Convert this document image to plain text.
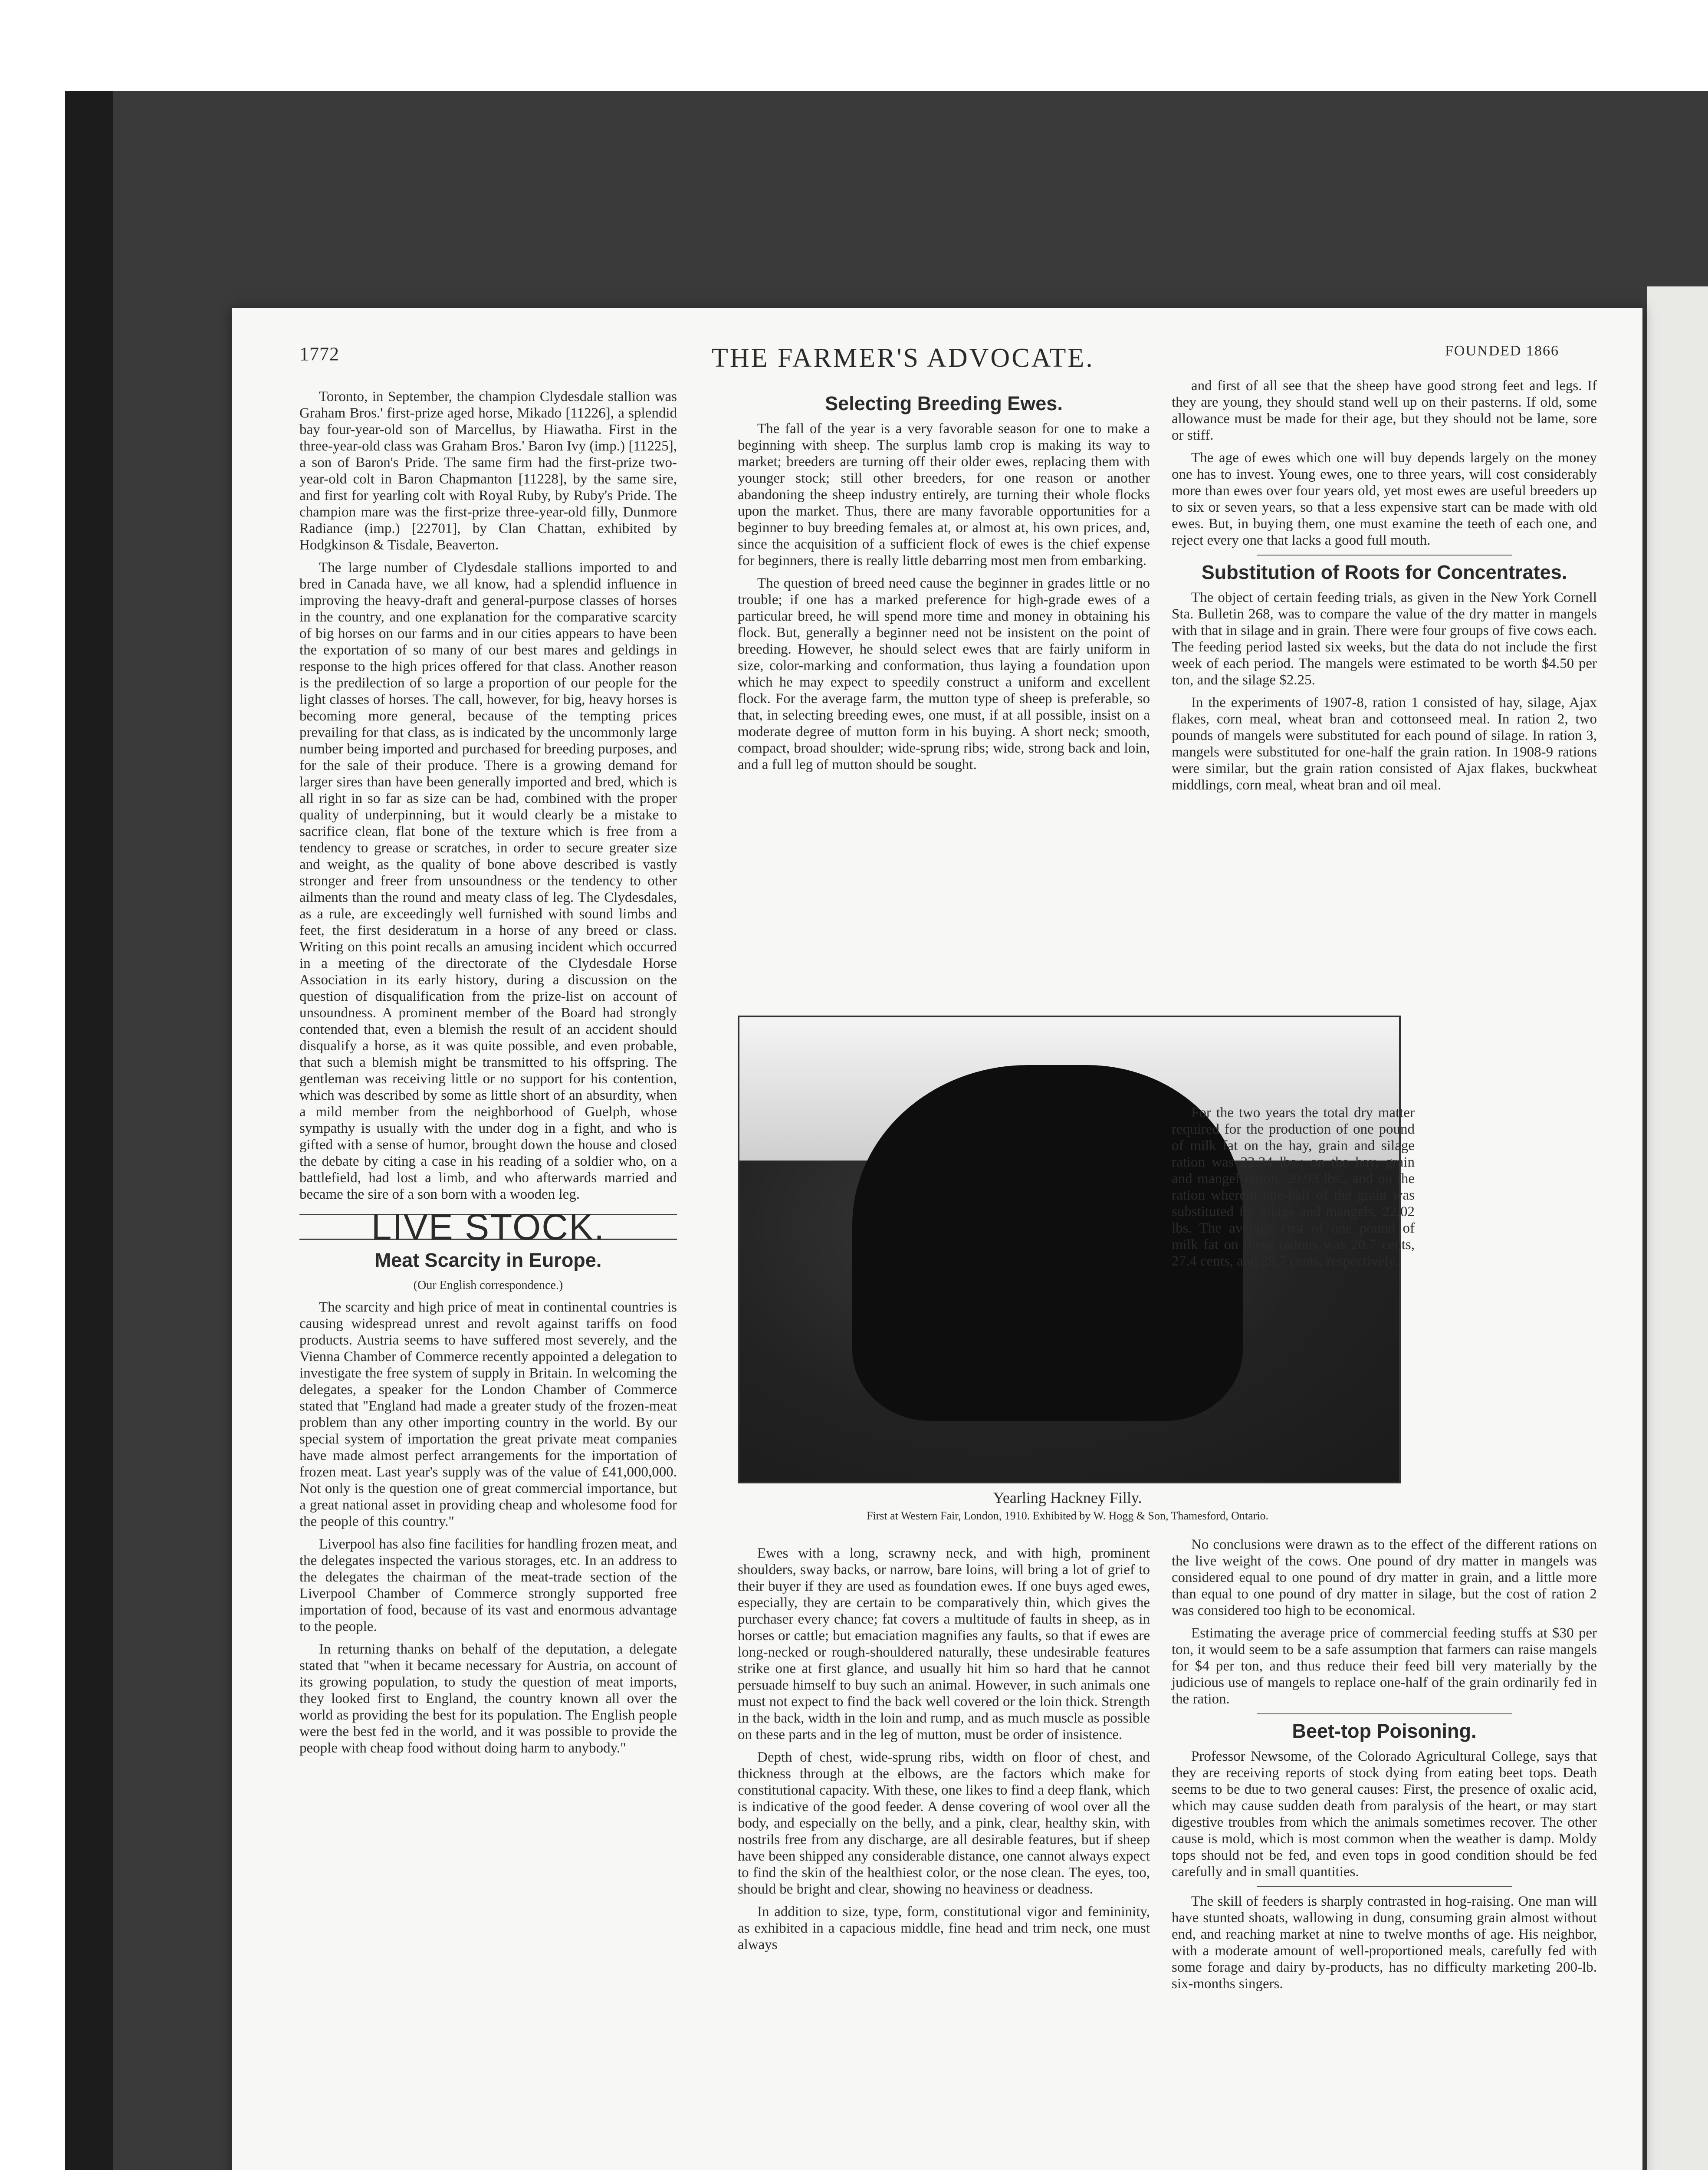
1772	THE FARMER'S ADVOCATE.	FOUNDED 1866

Toronto, in September, the champion Clydesdale stallion was Graham Bros.' first-prize aged horse, Mikado [11226], a splendid bay four-year-old son of Marcellus, by Hiawatha. First in the three-year-old class was Graham Bros.' Baron Ivy (imp.) [11225], a son of Baron's Pride. The same firm had the first-prize two-year-old colt in Baron Chapmanton [11228], by the same sire, and first for yearling colt with Royal Ruby, by Ruby's Pride. The champion mare was the first-prize three-year-old filly, Dunmore Radiance (imp.) [22701], by Clan Chattan, exhibited by Hodgkinson & Tisdale, Beaverton.

The large number of Clydesdale stallions imported to and bred in Canada have, we all know, had a splendid influence in improving the heavy-draft and general-purpose classes of horses in the country, and one explanation for the comparative scarcity of big horses on our farms and in our cities appears to have been the exportation of so many of our best mares and geldings in response to the high prices offered for that class. Another reason is the predilection of so large a proportion of our people for the light classes of horses. The call, however, for big, heavy horses is becoming more general, because of the tempting prices prevailing for that class, as is indicated by the uncommonly large number being imported and purchased for breeding purposes, and for the sale of their produce. There is a growing demand for larger sires than have been generally imported and bred, which is all right in so far as size can be had, combined with the proper quality of underpinning, but it would clearly be a mistake to sacrifice clean, flat bone of the texture which is free from a tendency to grease or scratches, in order to secure greater size and weight, as the quality of bone above described is vastly stronger and freer from unsoundness or the tendency to other ailments than the round and meaty class of leg. The Clydesdales, as a rule, are exceedingly well furnished with sound limbs and feet, the first desideratum in a horse of any breed or class. Writing on this point recalls an amusing incident which occurred in a meeting of the directorate of the Clydesdale Horse Association in its early history, during a discussion on the question of disqualification from the prize-list on account of unsoundness. A prominent member of the Board had strongly contended that, even a blemish the result of an accident should disqualify a horse, as it was quite possible, and even probable, that such a blemish might be transmitted to his offspring. The gentleman was receiving little or no support for his contention, which was described by some as little short of an absurdity, when a mild member from the neighborhood of Guelph, whose sympathy is usually with the under dog in a fight, and who is gifted with a sense of humor, brought down the house and closed the debate by citing a case in his reading of a soldier who, on a battlefield, had lost a limb, and who afterwards married and became the sire of a son born with a wooden leg.

LIVE STOCK.
Meat Scarcity in Europe.
(Our English correspondence.)

The scarcity and high price of meat in continental countries is causing widespread unrest and revolt against tariffs on food products. Austria seems to have suffered most severely, and the Vienna Chamber of Commerce recently appointed a delegation to investigate the free system of supply in Britain. In welcoming the delegates, a speaker for the London Chamber of Commerce stated that "England had made a greater study of the frozen-meat problem than any other importing country in the world. By our special system of importation the great private meat companies have made almost perfect arrangements for the importation of frozen meat. Last year's supply was of the value of £41,000,000. Not only is the question one of great commercial importance, but a great national asset in providing cheap and wholesome food for the people of this country."

Liverpool has also fine facilities for handling frozen meat, and the delegates inspected the various storages, etc. In an address to the delegates the chairman of the meat-trade section of the Liverpool Chamber of Commerce strongly supported free importation of food, because of its vast and enormous advantage to the people.

In returning thanks on behalf of the deputation, a delegate stated that "when it became necessary for Austria, on account of its growing population, to study the question of meat imports, they looked first to England, the country known all over the world as providing the best for its population. The English people were the best fed in the world, and it was possible to provide the people with cheap food without doing harm to anybody."

Selecting Breeding Ewes.

The fall of the year is a very favorable season for one to make a beginning with sheep. The surplus lamb crop is making its way to market; breeders are turning off their older ewes, replacing them with younger stock; still other breeders, for one reason or another abandoning the sheep industry entirely, are turning their whole flocks upon the market. Thus, there are many favorable opportunities for a beginner to buy breeding females at, or almost at, his own prices, and, since the acquisition of a sufficient flock of ewes is the chief expense for beginners, there is really little debarring most men from embarking.

The question of breed need cause the beginner in grades little or no trouble; if one has a marked preference for high-grade ewes of a particular breed, he will spend more time and money in obtaining his flock. But, generally a beginner need not be insistent on the point of breeding. However, he should select ewes that are fairly uniform in size, color-marking and conformation, thus laying a foundation upon which he may expect to speedily construct a uniform and excellent flock. For the average farm, the mutton type of sheep is preferable, so that, in selecting breeding ewes, one must, if at all possible, insist on a moderate degree of mutton form in his buying. A short neck; smooth, compact, broad shoulder; wide-sprung ribs; wide, strong back and loin, and a full leg of mutton should be sought.

Yearling Hackney Filly.
First at Western Fair, London, 1910. Exhibited by W. Hogg & Son, Thamesford, Ontario.

Ewes with a long, scrawny neck, and with high, prominent shoulders, sway backs, or narrow, bare loins, will bring a lot of grief to their buyer if they are used as foundation ewes. If one buys aged ewes, especially, they are certain to be comparatively thin, which gives the purchaser every chance; fat covers a multitude of faults in sheep, as in horses or cattle; but emaciation magnifies any faults, so that if ewes are long-necked or rough-shouldered naturally, these undesirable features strike one at first glance, and usually hit him so hard that he cannot persuade himself to buy such an animal. However, in such animals one must not expect to find the back well covered or the loin thick. Strength in the back, width in the loin and rump, and as much muscle as possible on these parts and in the leg of mutton, must be order of insistence.

Depth of chest, wide-sprung ribs, width on floor of chest, and thickness through at the elbows, are the factors which make for constitutional capacity. With these, one likes to find a deep flank, which is indicative of the good feeder. A dense covering of wool over all the body, and especially on the belly, and a pink, clear, healthy skin, with nostrils free from any discharge, are all desirable features, but if sheep have been shipped any considerable distance, one cannot always expect to find the skin of the healthiest color, or the nose clean. The eyes, too, should be bright and clear, showing no heaviness or deadness.

In addition to size, type, form, constitutional vigor and femininity, as exhibited in a capacious middle, fine head and trim neck, one must always

and first of all see that the sheep have good strong feet and legs. If they are young, they should stand well up on their pasterns. If old, some allowance must be made for their age, but they should not be lame, sore or stiff.

The age of ewes which one will buy depends largely on the money one has to invest. Young ewes, one to three years, will cost considerably more than ewes over four years old, yet most ewes are useful breeders up to six or seven years, so that a less expensive start can be made with old ewes. But, in buying them, one must examine the teeth of each one, and reject every one that lacks a good full mouth.

Substitution of Roots for Concentrates.

The object of certain feeding trials, as given in the New York Cornell Sta. Bulletin 268, was to compare the value of the dry matter in mangels with that in silage and in grain. There were four groups of five cows each. The feeding period lasted six weeks, but the data do not include the first week of each period. The mangels were estimated to be worth $4.50 per ton, and the silage $2.25.

In the experiments of 1907-8, ration 1 consisted of hay, silage, Ajax flakes, corn meal, wheat bran and cottonseed meal. In ration 2, two pounds of mangels were substituted for each pound of silage. In ration 3, mangels were substituted for one-half the grain ration. In 1908-9 rations were similar, but the grain ration consisted of Ajax flakes, buckwheat middlings, corn meal, wheat bran and oil meal.

For the two years the total dry matter required for the production of one pound of milk fat on the hay, grain and silage ration was 22.34 lbs.; on the hay, grain and mangel ration, 20.93 lbs., and on the ration wherein one-half of the grain was substituted for silage and mangels, 22.02 lbs. The average cost of one pound of milk fat on these rations was 20.7 cents, 27.4 cents, and 29.7 cents, respectively.

No conclusions were drawn as to the effect of the different rations on the live weight of the cows. One pound of dry matter in mangels was considered equal to one pound of dry matter in grain, and a little more than equal to one pound of dry matter in silage, but the cost of ration 2 was considered too high to be economical.

Estimating the average price of commercial feeding stuffs at $30 per ton, it would seem to be a safe assumption that farmers can raise mangels for $4 per ton, and thus reduce their feed bill very materially by the judicious use of mangels to replace one-half of the grain ordinarily fed in the ration.

Beet-top Poisoning.

Professor Newsome, of the Colorado Agricultural College, says that they are receiving reports of stock dying from eating beet tops. Death seems to be due to two general causes: First, the presence of oxalic acid, which may cause sudden death from paralysis of the heart, or may start digestive troubles from which the animals sometimes recover. The other cause is mold, which is most common when the weather is damp. Moldy tops should not be fed, and even tops in good condition should be fed carefully and in small quantities.

The skill of feeders is sharply contrasted in hog-raising. One man will have stunted shoats, wallowing in dung, consuming grain almost without end, and reaching market at nine to twelve months of age. His neighbor, with a moderate amount of well-proportioned meals, carefully fed with some forage and dairy by-products, has no difficulty marketing 200-lb. six-months singers.
